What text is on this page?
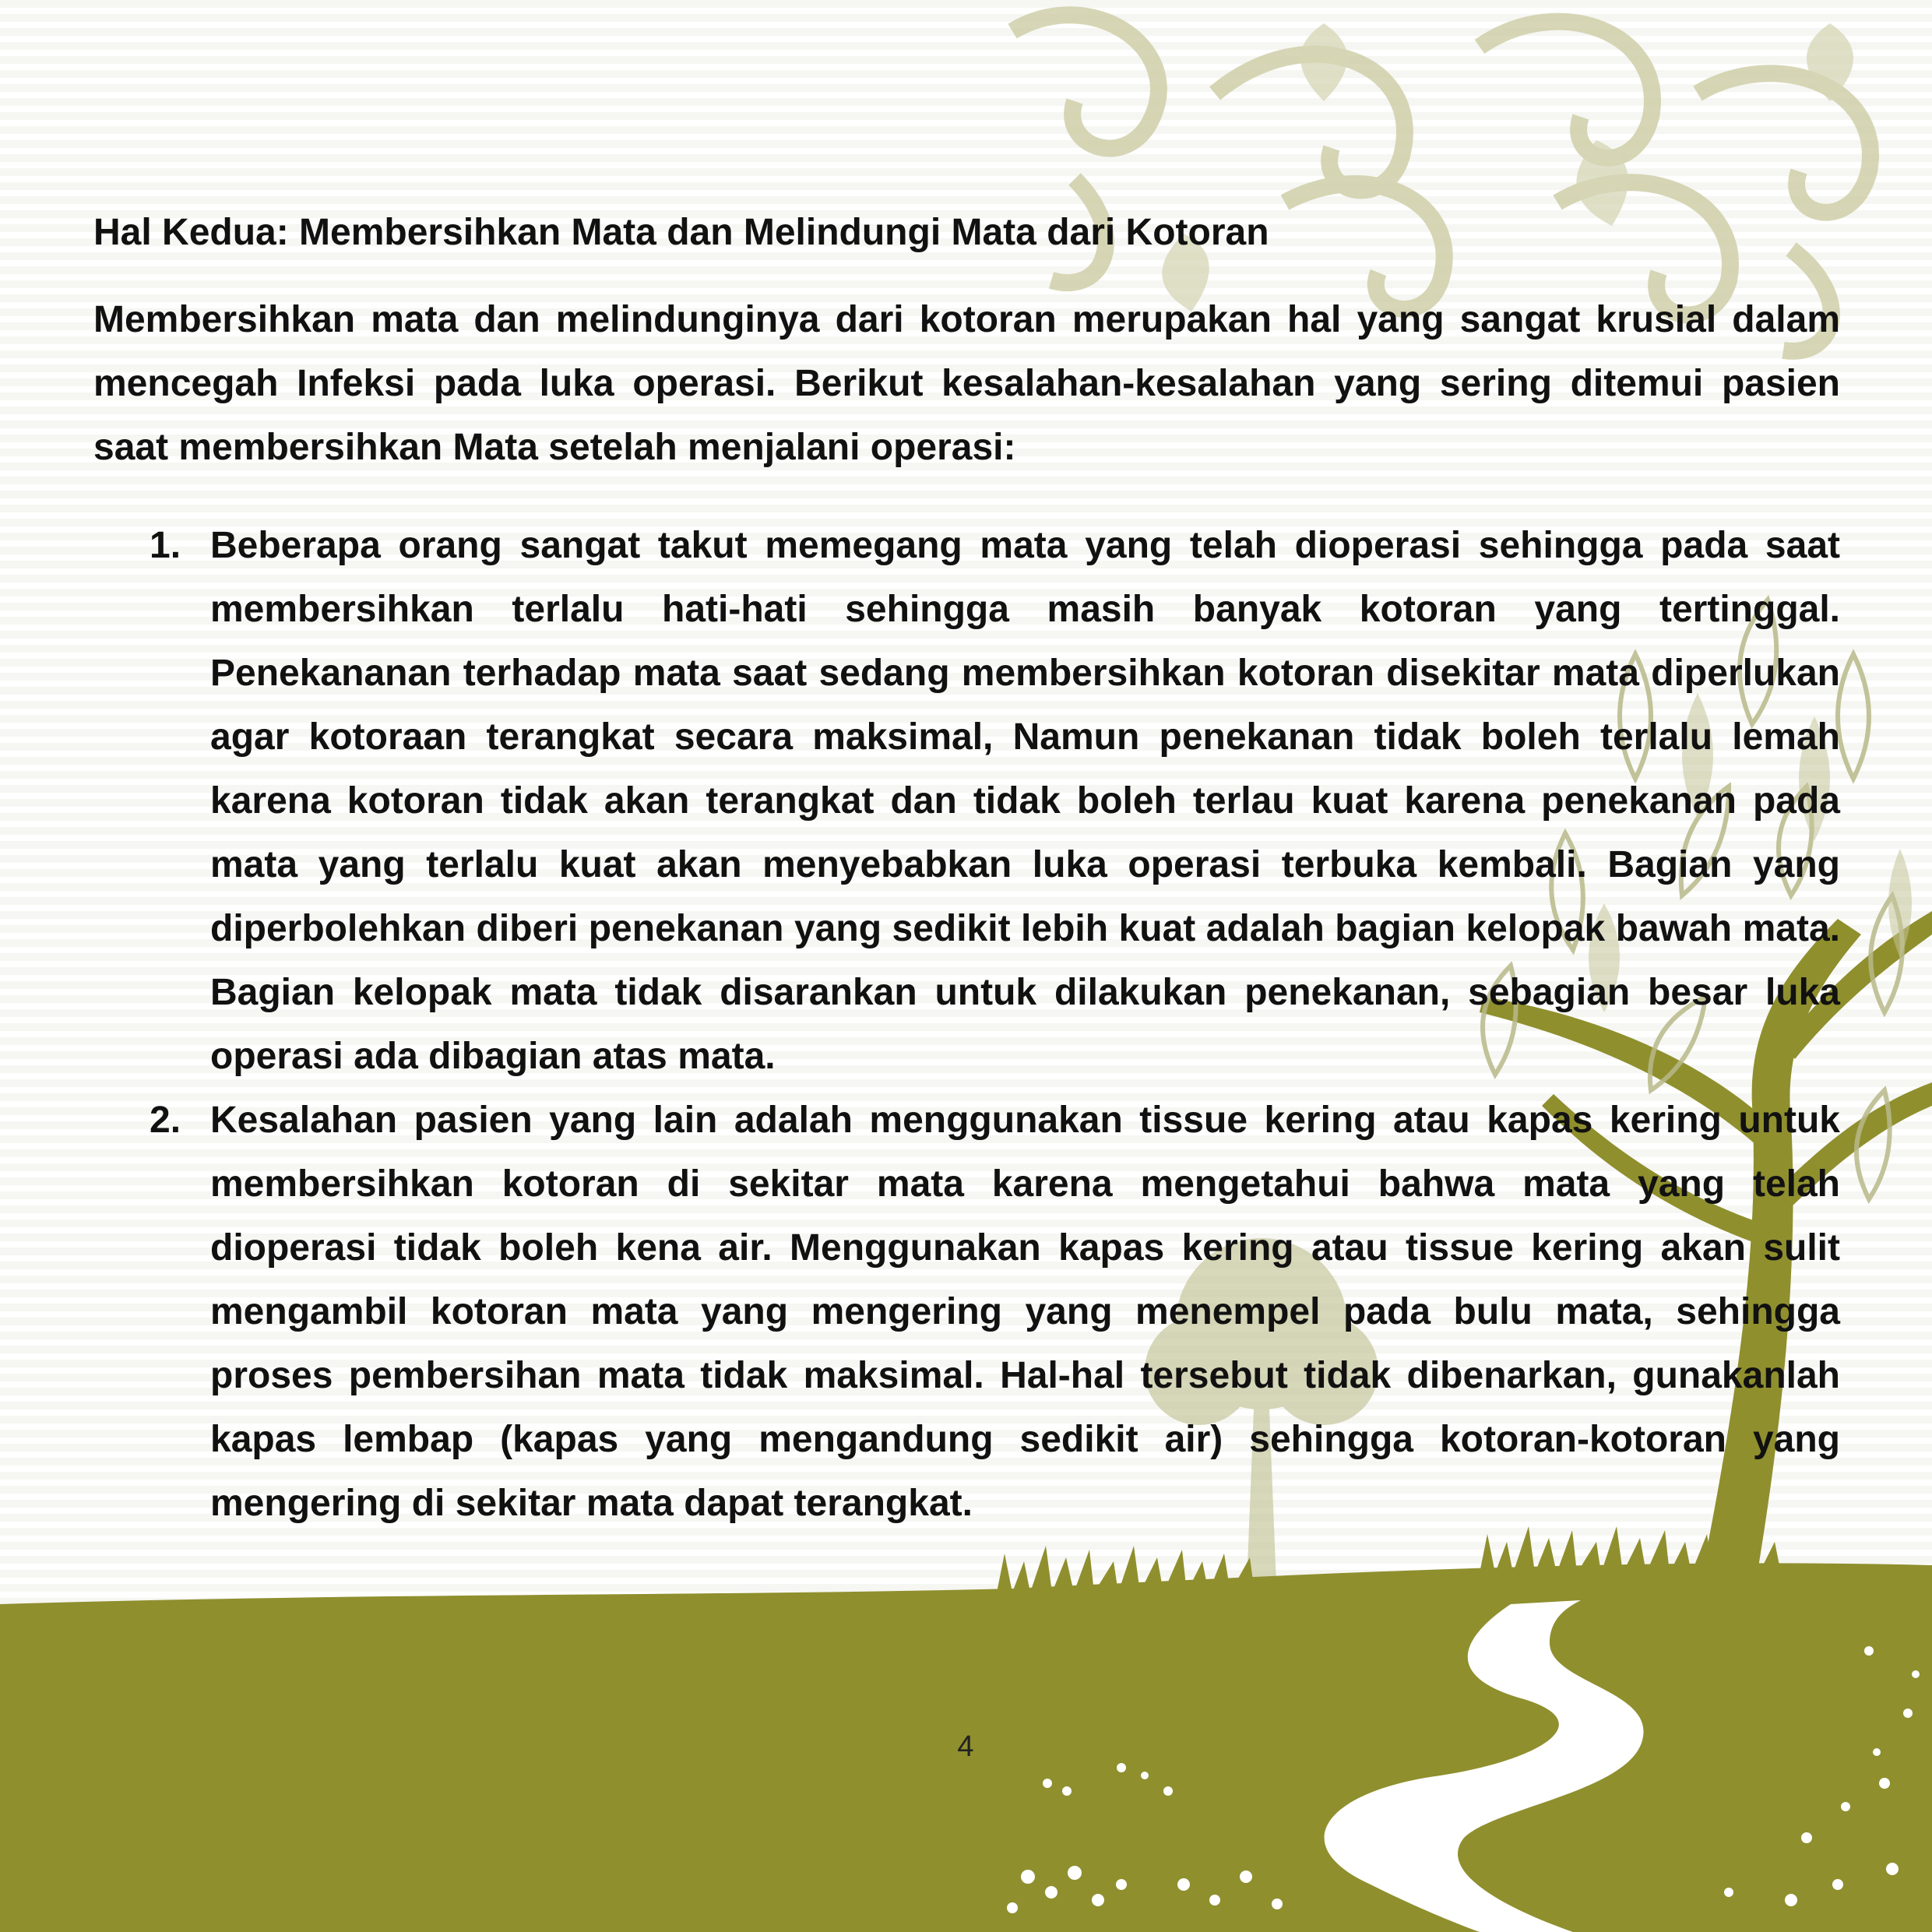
Hal Kedua: Membersihkan Mata dan Melindungi Mata dari Kotoran

Membersihkan mata dan melindunginya dari kotoran merupakan hal yang sangat krusial dalam mencegah Infeksi pada luka operasi. Berikut kesalahan-kesalahan yang sering ditemui pasien saat membersihkan Mata setelah menjalani operasi:

1. Beberapa orang sangat takut memegang mata yang telah dioperasi sehingga pada saat membersihkan terlalu hati-hati sehingga masih banyak kotoran yang tertinggal. Penekananan terhadap mata saat sedang membersihkan kotoran disekitar mata diperlukan agar kotoraan terangkat secara maksimal, Namun penekanan tidak boleh terlalu lemah karena kotoran tidak akan terangkat dan tidak boleh terlau kuat karena penekanan pada mata yang terlalu kuat akan menyebabkan luka operasi terbuka kembali. Bagian yang diperbolehkan diberi penekanan yang sedikit lebih kuat adalah bagian kelopak bawah mata. Bagian kelopak mata tidak disarankan untuk dilakukan penekanan, sebagian besar luka operasi ada dibagian atas mata.
2. Kesalahan pasien yang lain adalah menggunakan tissue kering atau kapas kering untuk membersihkan kotoran di sekitar mata karena mengetahui bahwa mata yang telah dioperasi tidak boleh kena air. Menggunakan kapas kering atau tissue kering akan sulit mengambil kotoran mata yang mengering yang menempel pada bulu mata, sehingga proses pembersihan mata tidak maksimal. Hal-hal tersebut tidak dibenarkan, gunakanlah kapas lembap (kapas yang mengandung sedikit air) sehingga kotoran-kotoran yang mengering di sekitar mata dapat terangkat.
4
